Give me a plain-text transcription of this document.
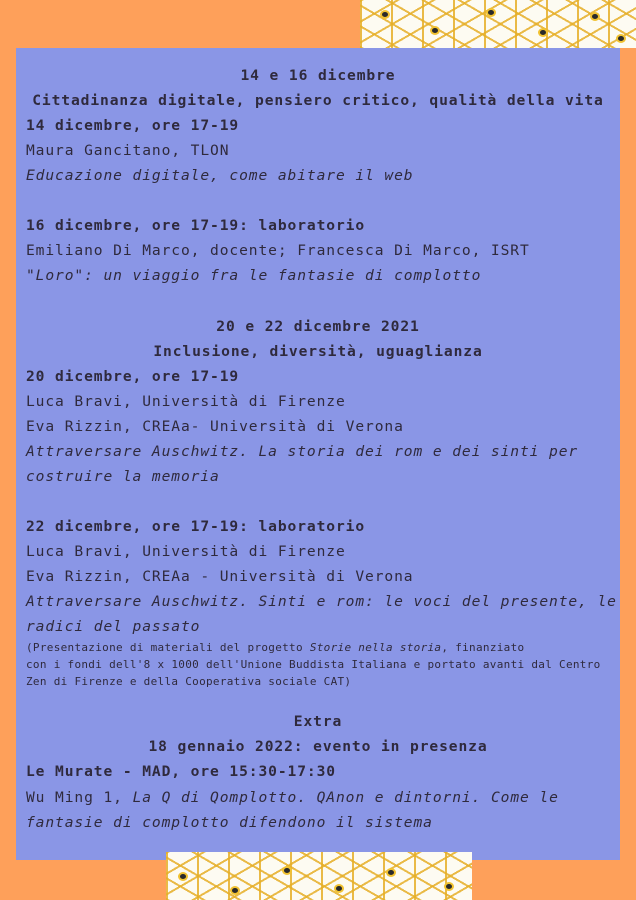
14 e 16 dicembre
Cittadinanza digitale, pensiero critico, qualità della vita
14 dicembre, ore 17-19
Maura Gancitano, TLON
Educazione digitale, come abitare il web
16 dicembre, ore 17-19: laboratorio
Emiliano Di Marco, docente; Francesca Di Marco, ISRT
"Loro": un viaggio fra le fantasie di complotto
20 e 22 dicembre 2021
Inclusione, diversità, uguaglianza
20 dicembre, ore 17-19
Luca Bravi, Università di Firenze
Eva Rizzin, CREAa- Università di Verona
Attraversare Auschwitz. La storia dei rom e dei sinti per
costruire la memoria
22 dicembre, ore 17-19: laboratorio
Luca Bravi, Università di Firenze
Eva Rizzin, CREAa - Università di Verona
Attraversare Auschwitz. Sinti e rom: le voci del presente, le
radici del passato
(Presentazione di materiali del progetto Storie nella storia, finanziato
con i fondi dell'8 x 1000 dell'Unione Buddista Italiana e portato avanti dal Centro
Zen di Firenze e della Cooperativa sociale CAT)
Extra
18 gennaio 2022: evento in presenza
Le Murate - MAD, ore 15:30-17:30
Wu Ming 1, La Q di Qomplotto. QAnon e dintorni. Come le
fantasie di complotto difendono il sistema
